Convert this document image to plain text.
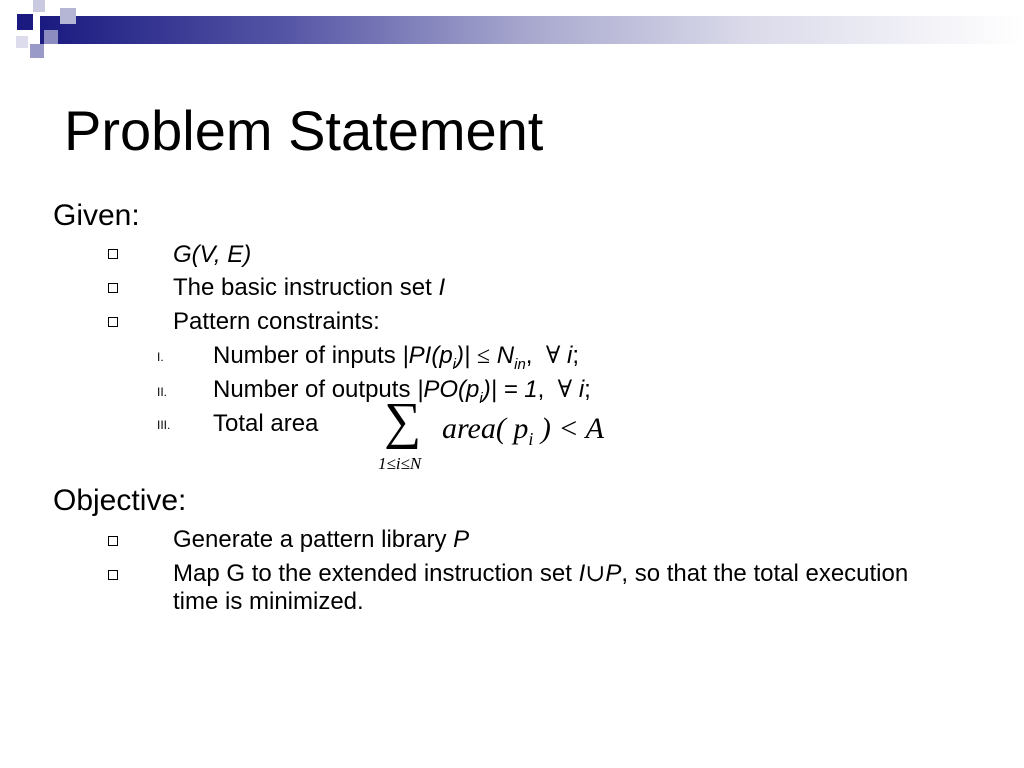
Problem Statement
Given:
G(V, E)
The basic instruction set I
Pattern constraints:
I. Number of inputs $|PI(p_i)| \le N_{in}$, ∀ i;
II. Number of outputs $|PO(p_i)| = 1$, ∀ i;
III. Total area ∑
1≤i≤N
area( $p_i$ ) < A
Objective:
Generate a pattern library P
Map G to the extended instruction set I∪P, so that the total execution time is minimized.
